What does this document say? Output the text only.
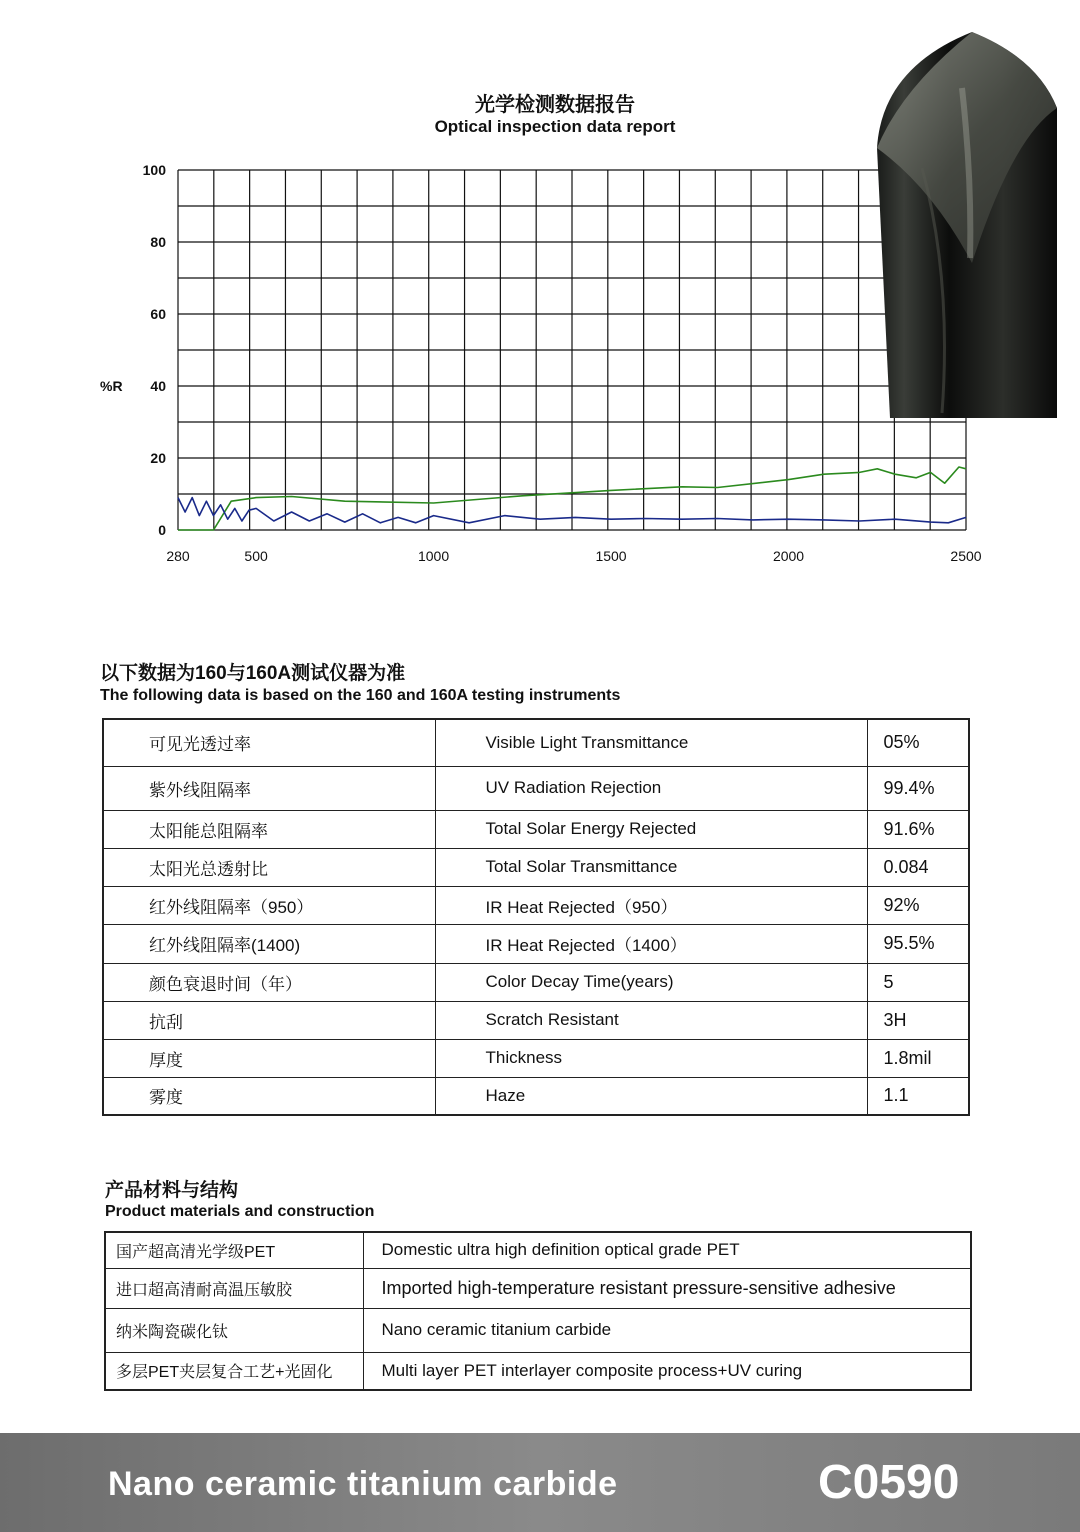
光学检测数据报告
Optical inspection data report
0
20
40
60
80
100
280	500	1000	1500	2000	2500
%R
以下数据为160与160A测试仪器为准
The following data is based on the 160 and 160A testing instruments
可见光透过率	Visible Light Transmittance	05%
紫外线阻隔率	UV Radiation Rejection	99.4%
太阳能总阻隔率	Total Solar Energy Rejected	91.6%
太阳光总透射比	Total Solar Transmittance	0.084
红外线阻隔率（950）	IR Heat Rejected（950）	92%
红外线阻隔率(1400)	IR Heat Rejected（1400）	95.5%
颜色衰退时间（年）	Color Decay Time(years)	5
抗刮	Scratch Resistant	3H
厚度	Thickness	1.8mil
雾度	Haze	1.1
产品材料与结构
Product materials and construction
国产超高清光学级PET	Domestic ultra high definition optical grade PET
进口超高清耐高温压敏胶	Imported high-temperature resistant pressure-sensitive adhesive
纳米陶瓷碳化钛	Nano ceramic titanium carbide
多层PET夹层复合工艺+光固化	Multi layer PET interlayer composite process+UV curing
Nano ceramic titanium carbide	C0590
